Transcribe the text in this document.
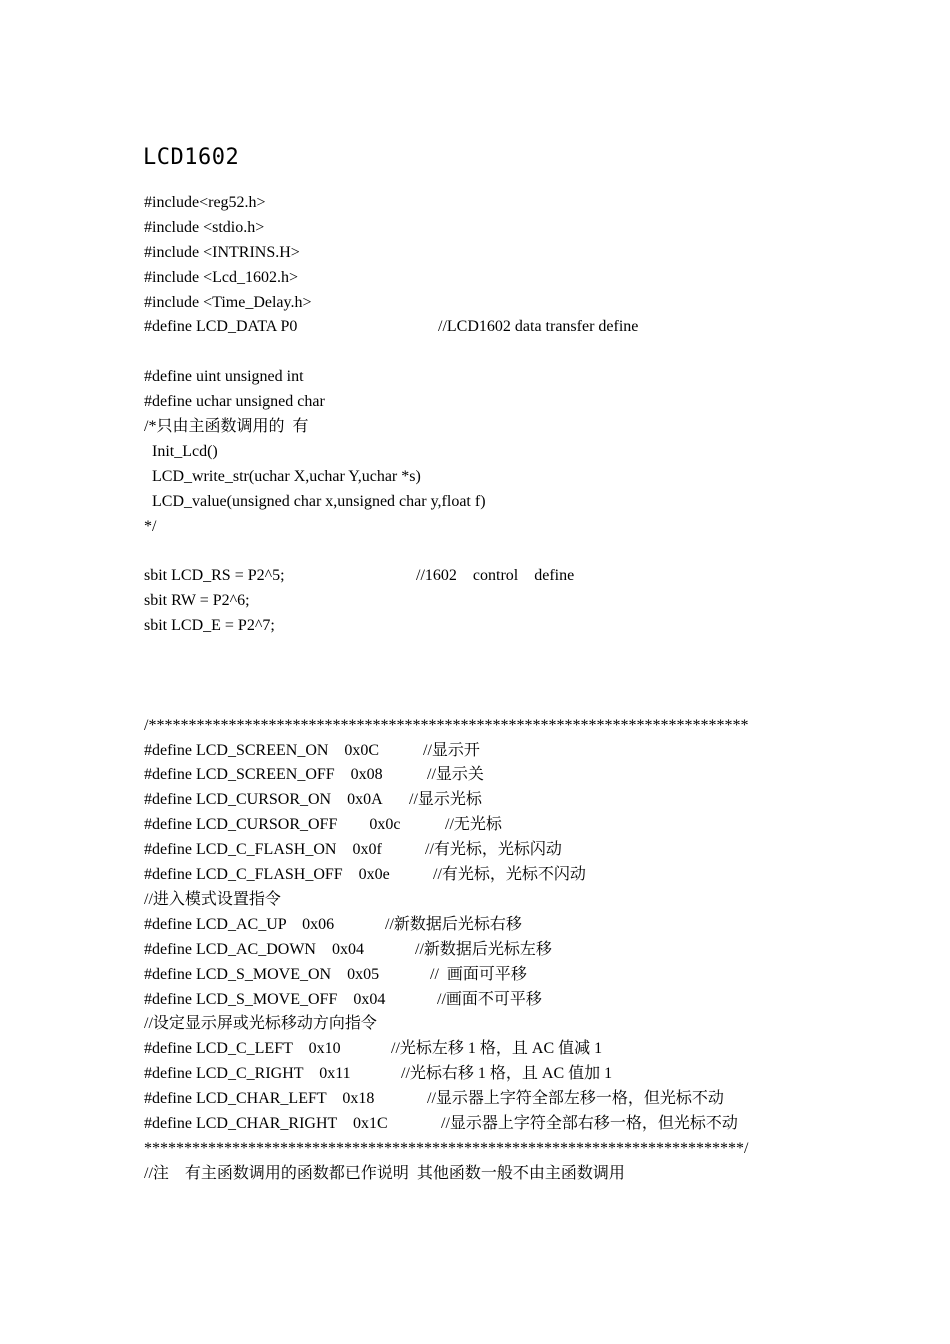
LCD1602
#include<reg52.h>
#include <stdio.h>
#include <INTRINS.H>
#include <Lcd_1602.h>
#include <Time_Delay.h>
#define LCD_DATA P0	//LCD1602 data transfer define
#define uint unsigned int
#define uchar unsigned char
/*只由主函数调用的  有
Init_Lcd()
LCD_write_str(uchar X,uchar Y,uchar *s)
LCD_value(unsigned char x,unsigned char y,float f)
*/
sbit LCD_RS = P2^5;	//1602    control    define
sbit RW = P2^6;
sbit LCD_E = P2^7;
/***************************************************************************
#define LCD_SCREEN_ON    0x0C	//显示开
#define LCD_SCREEN_OFF    0x08	//显示关
#define LCD_CURSOR_ON    0x0A //显示光标
#define LCD_CURSOR_OFF        0x0c	//无光标
#define LCD_C_FLASH_ON    0x0f	//有光标，光标闪动
#define LCD_C_FLASH_OFF    0x0e	//有光标，光标不闪动
//进入模式设置指令
#define LCD_AC_UP    0x06	//新数据后光标右移
#define LCD_AC_DOWN    0x04	//新数据后光标左移
#define LCD_S_MOVE_ON    0x05	//  画面可平移
#define LCD_S_MOVE_OFF    0x04	//画面不可平移
//设定显示屏或光标移动方向指令
#define LCD_C_LEFT    0x10	//光标左移 1 格，且 AC 值减 1
#define LCD_C_RIGHT    0x11	//光标右移 1 格，且 AC 值加 1
#define LCD_CHAR_LEFT    0x18	//显示器上字符全部左移一格，但光标不动
#define LCD_CHAR_RIGHT    0x1C	//显示器上字符全部右移一格，但光标不动
***************************************************************************/
//注    有主函数调用的函数都已作说明  其他函数一般不由主函数调用
